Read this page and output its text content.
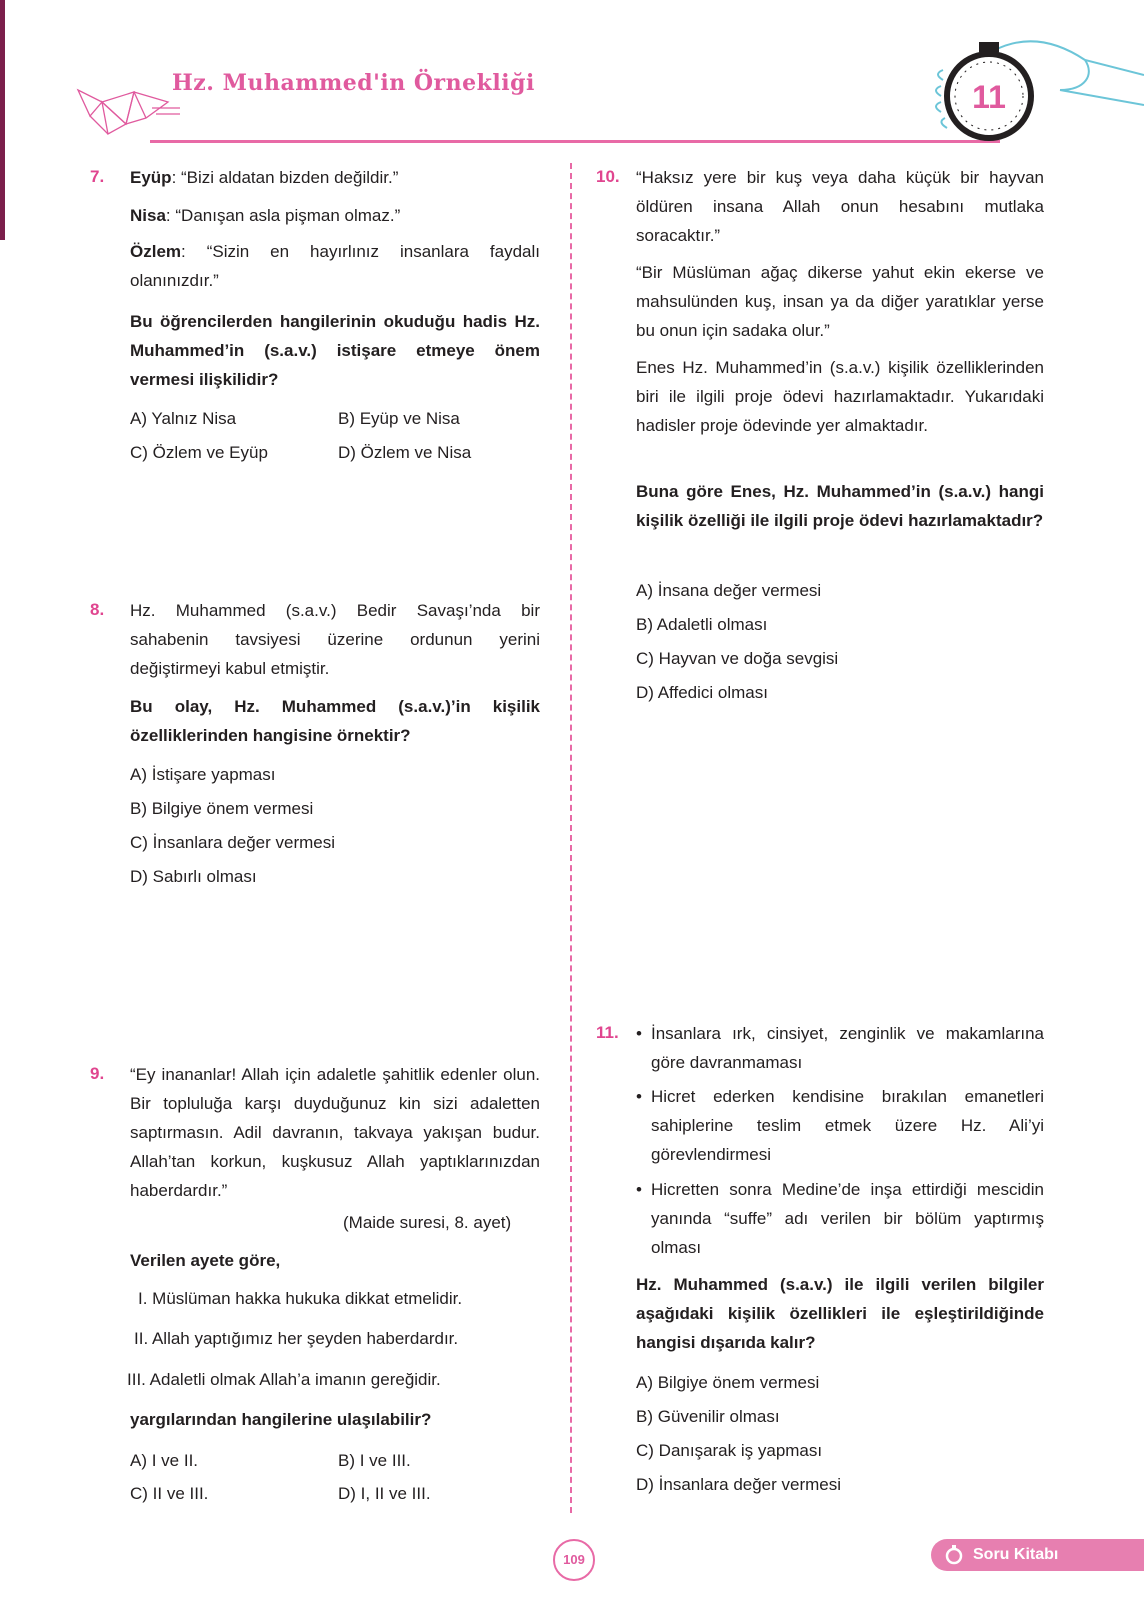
Hz. Muhammed'in Örnekliği	11
7. Eyüp: “Bizi aldatan bizden değildir.”
Nisa: “Danışan asla pişman olmaz.”
Özlem: “Sizin en hayırlınız insanlara faydalı olanınızdır.”
Bu öğrencilerden hangilerinin okuduğu hadis Hz. Muhammed’in (s.a.v.) istişare etmeye önem vermesi ilişkilidir?
A) Yalnız Nisa	B) Eyüp ve Nisa
C) Özlem ve Eyüp	D) Özlem ve Nisa
8. Hz. Muhammed (s.a.v.) Bedir Savaşı’nda bir sahabenin tavsiyesi üzerine ordunun yerini değiştirmeyi kabul etmiştir.
Bu olay, Hz. Muhammed (s.a.v.)’in kişilik özelliklerinden hangisine örnektir?
A) İstişare yapması
B) Bilgiye önem vermesi
C) İnsanlara değer vermesi
D) Sabırlı olması
9. “Ey inananlar! Allah için adaletle şahitlik edenler olun. Bir topluluğa karşı duyduğunuz kin sizi adaletten saptırmasın. Adil davranın, takvaya yakışan budur. Allah’tan korkun, kuşkusuz Allah yaptıklarınızdan haberdardır.”
(Maide suresi, 8. ayet)
Verilen ayete göre,
I. Müslüman hakka hukuka dikkat etmelidir.
II. Allah yaptığımız her şeyden haberdardır.
III. Adaletli olmak Allah’a imanın gereğidir.
yargılarından hangilerine ulaşılabilir?
A) I ve II.	B) I ve III.
C) II ve III.	D) I, II ve III.
10. “Haksız yere bir kuş veya daha küçük bir hayvan öldüren insana Allah onun hesabını mutlaka soracaktır.”
“Bir Müslüman ağaç dikerse yahut ekin ekerse ve mahsulünden kuş, insan ya da diğer yaratıklar yerse bu onun için sadaka olur.”
Enes Hz. Muhammed’in (s.a.v.) kişilik özelliklerinden biri ile ilgili proje ödevi hazırlamaktadır. Yukarıdaki hadisler proje ödevinde yer almaktadır.
Buna göre Enes, Hz. Muhammed’in (s.a.v.) hangi kişilik özelliği ile ilgili proje ödevi hazırlamaktadır?
A) İnsana değer vermesi
B) Adaletli olması
C) Hayvan ve doğa sevgisi
D) Affedici olması
11. • İnsanlara ırk, cinsiyet, zenginlik ve makamlarına göre davranmaması
• Hicret ederken kendisine bırakılan emanetleri sahiplerine teslim etmek üzere Hz. Ali’yi görevlendirmesi
• Hicretten sonra Medine’de inşa ettirdiği mescidin yanında “suffe” adı verilen bir bölüm yaptırmış olması
Hz. Muhammed (s.a.v.) ile ilgili verilen bilgiler aşağıdaki kişilik özellikleri ile eşleştirildiğinde hangisi dışarıda kalır?
A) Bilgiye önem vermesi
B) Güvenilir olması
C) Danışarak iş yapması
D) İnsanlara değer vermesi
109	Soru Kitabı
